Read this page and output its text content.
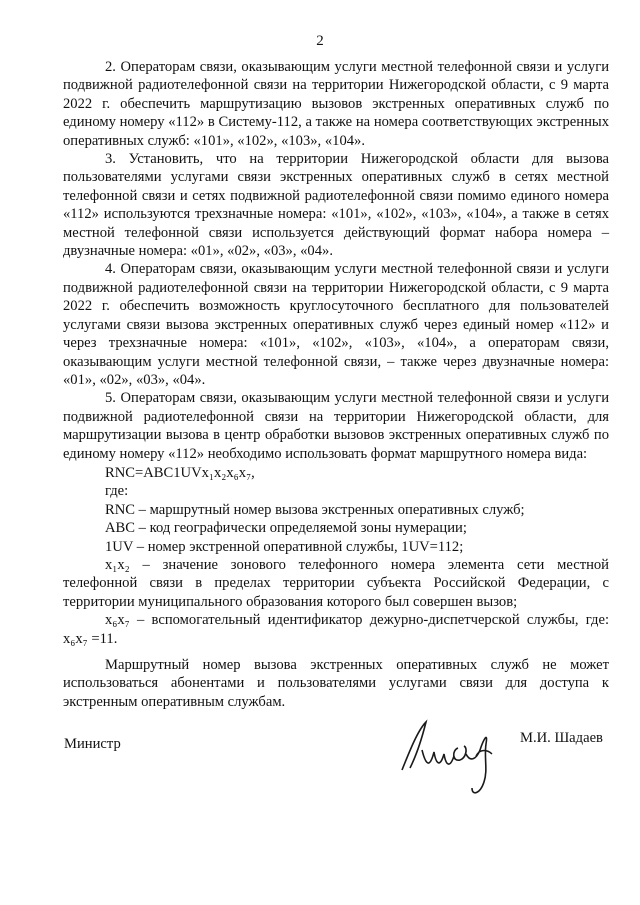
2

2. Операторам связи, оказывающим услуги местной телефонной связи и услуги подвижной радиотелефонной связи на территории Нижегородской области, с 9 марта 2022 г. обеспечить маршрутизацию вызовов экстренных оперативных служб по единому номеру «112» в Систему-112, а также на номера соответствующих экстренных оперативных служб: «101», «102», «103», «104».

3. Установить, что на территории Нижегородской области для вызова пользователями услугами связи экстренных оперативных служб в сетях местной телефонной связи и сетях подвижной радиотелефонной связи помимо единого номера «112» используются трехзначные номера: «101», «102», «103», «104», а также в сетях местной телефонной связи используется действующий формат набора номера – двузначные номера: «01», «02», «03», «04».

4. Операторам связи, оказывающим услуги местной телефонной связи и услуги подвижной радиотелефонной связи на территории Нижегородской области, с 9 марта 2022 г. обеспечить возможность круглосуточного бесплатного для пользователей услугами связи вызова экстренных оперативных служб через единый номер «112» и через трехзначные номера: «101», «102», «103», «104», а операторам связи, оказывающим услуги местной телефонной связи, – также через двузначные номера: «01», «02», «03», «04».

5. Операторам связи, оказывающим услуги местной телефонной связи и услуги подвижной радиотелефонной связи на территории Нижегородской области, для маршрутизации вызова в центр обработки вызовов экстренных оперативных служб по единому номеру «112» необходимо использовать формат маршрутного номера вида:

RNC=ABC1UVx₁x₂x₆x₇,

где:

RNC – маршрутный номер вызова экстренных оперативных служб;

ABC – код географически определяемой зоны нумерации;

1UV – номер экстренной оперативной службы, 1UV=112;

x₁x₂ – значение зонового телефонного номера элемента сети местной телефонной связи в пределах территории субъекта Российской Федерации, с территории муниципального образования которого был совершен вызов;

x₆x₇ – вспомогательный идентификатор дежурно-диспетчерской службы, где: x₆x₇ =11.

Маршрутный номер вызова экстренных оперативных служб не может использоваться абонентами и пользователями услугами связи для доступа к экстренным оперативным службам.

Министр	М.И. Шадаев
